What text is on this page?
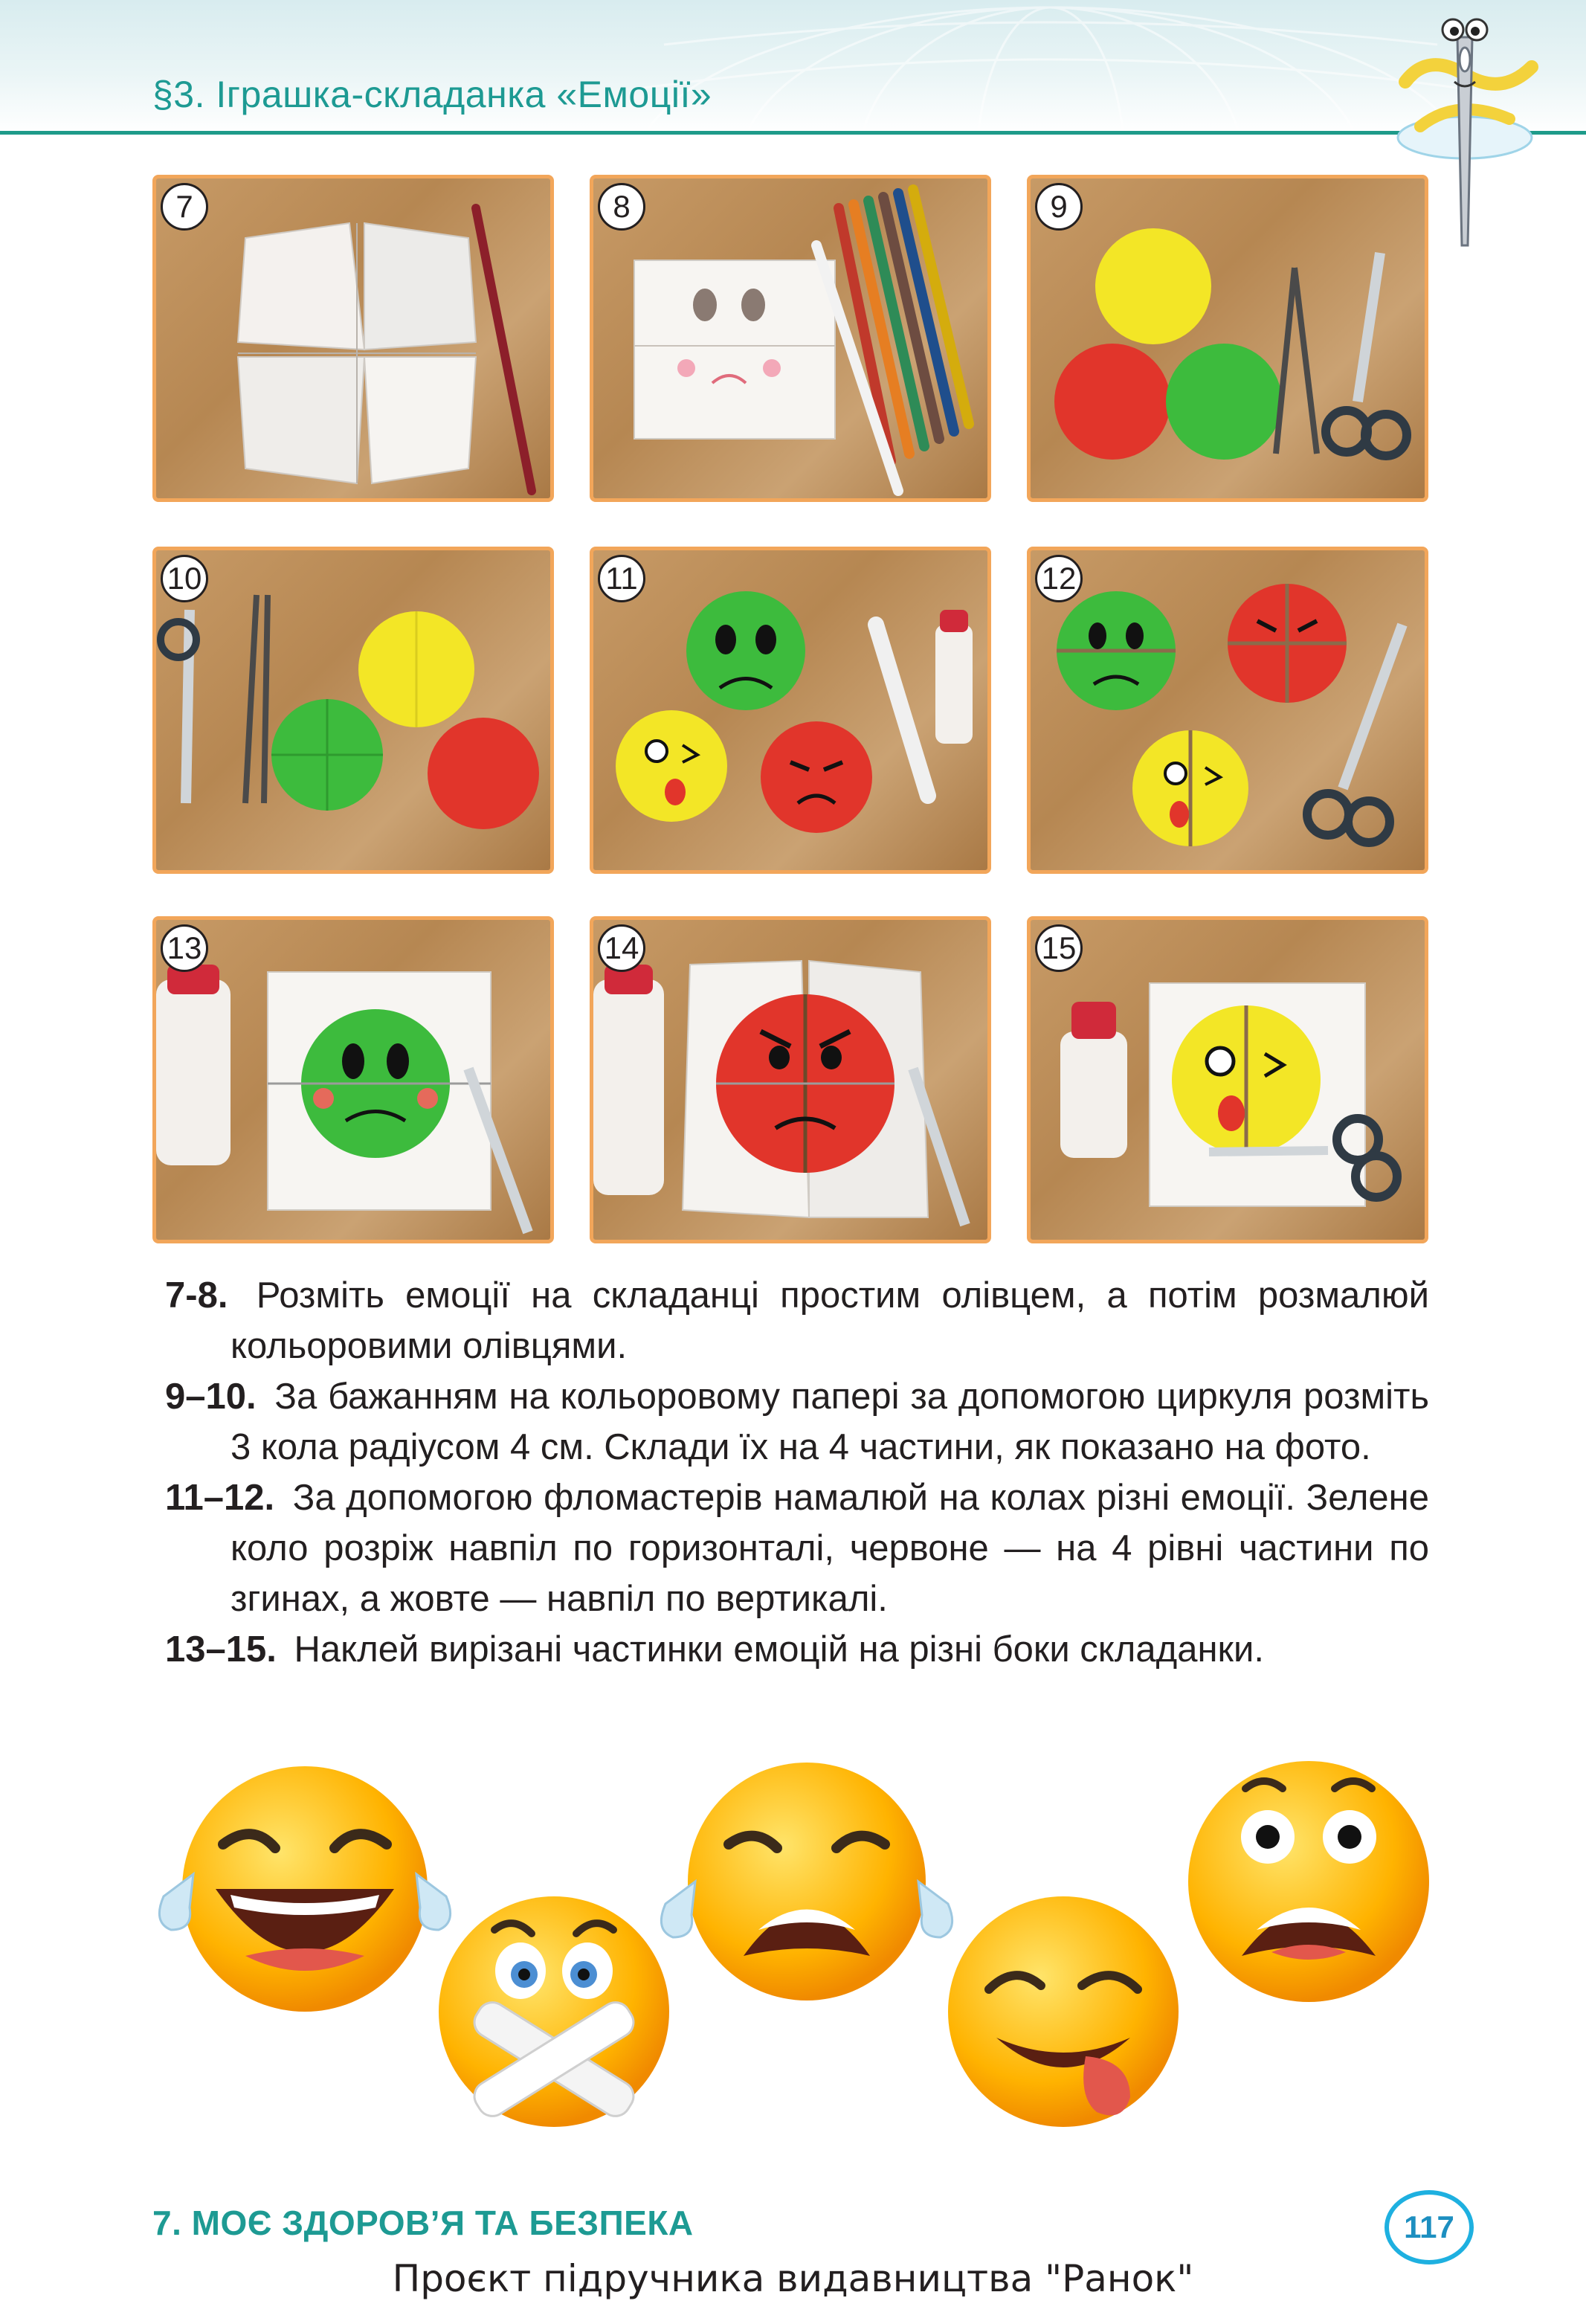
§3. Іграшка-складанка «Емоції»
7	8	9
10	11	12
13	14	15

7-8. Розміть емоції на складанці простим олівцем, а потім розмалюй кольоровими олівцями.

9–10. За бажанням на кольоровому папері за допомогою циркуля розміть 3 кола радіусом 4 см. Склади їх на 4 частини, як показано на фото.

11–12. За допомогою фломастерів намалюй на колах різні емоції. Зелене коло розріж навпіл по горизонталі, червоне — на 4 рівні частини по згинах, а жовте — навпіл по вертикалі.

13–15. Наклей вирізані частинки емоцій на різні боки складанки.

7. МОЄ ЗДОРОВ’Я ТА БЕЗПЕКА	117
Проєкт підручника видавництва "Ранок"
